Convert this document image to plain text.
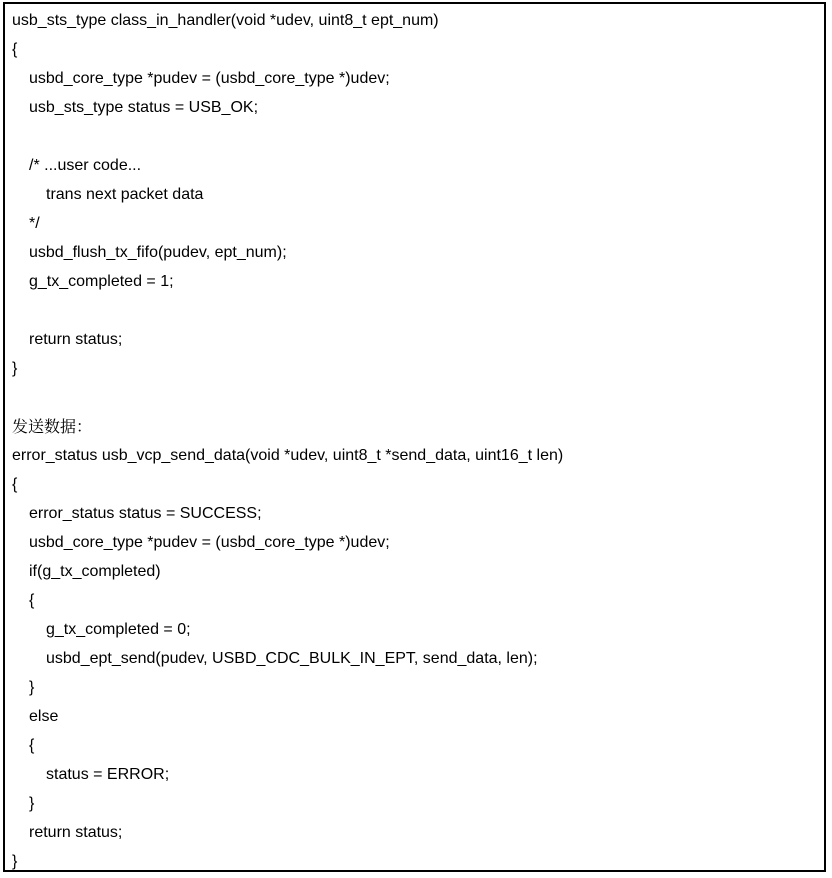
usb_sts_type class_in_handler(void *udev, uint8_t ept_num)
{
usbd_core_type *pudev = (usbd_core_type *)udev;
usb_sts_type status = USB_OK;
/* ...user code...
trans next packet data
*/
usbd_flush_tx_fifo(pudev, ept_num);
g_tx_completed = 1;
return status;
}
发送数据：
error_status usb_vcp_send_data(void *udev, uint8_t *send_data, uint16_t len)
{
error_status status = SUCCESS;
usbd_core_type *pudev = (usbd_core_type *)udev;
if(g_tx_completed)
{
g_tx_completed = 0;
usbd_ept_send(pudev, USBD_CDC_BULK_IN_EPT, send_data, len);
}
else
{
status = ERROR;
}
return status;
}
